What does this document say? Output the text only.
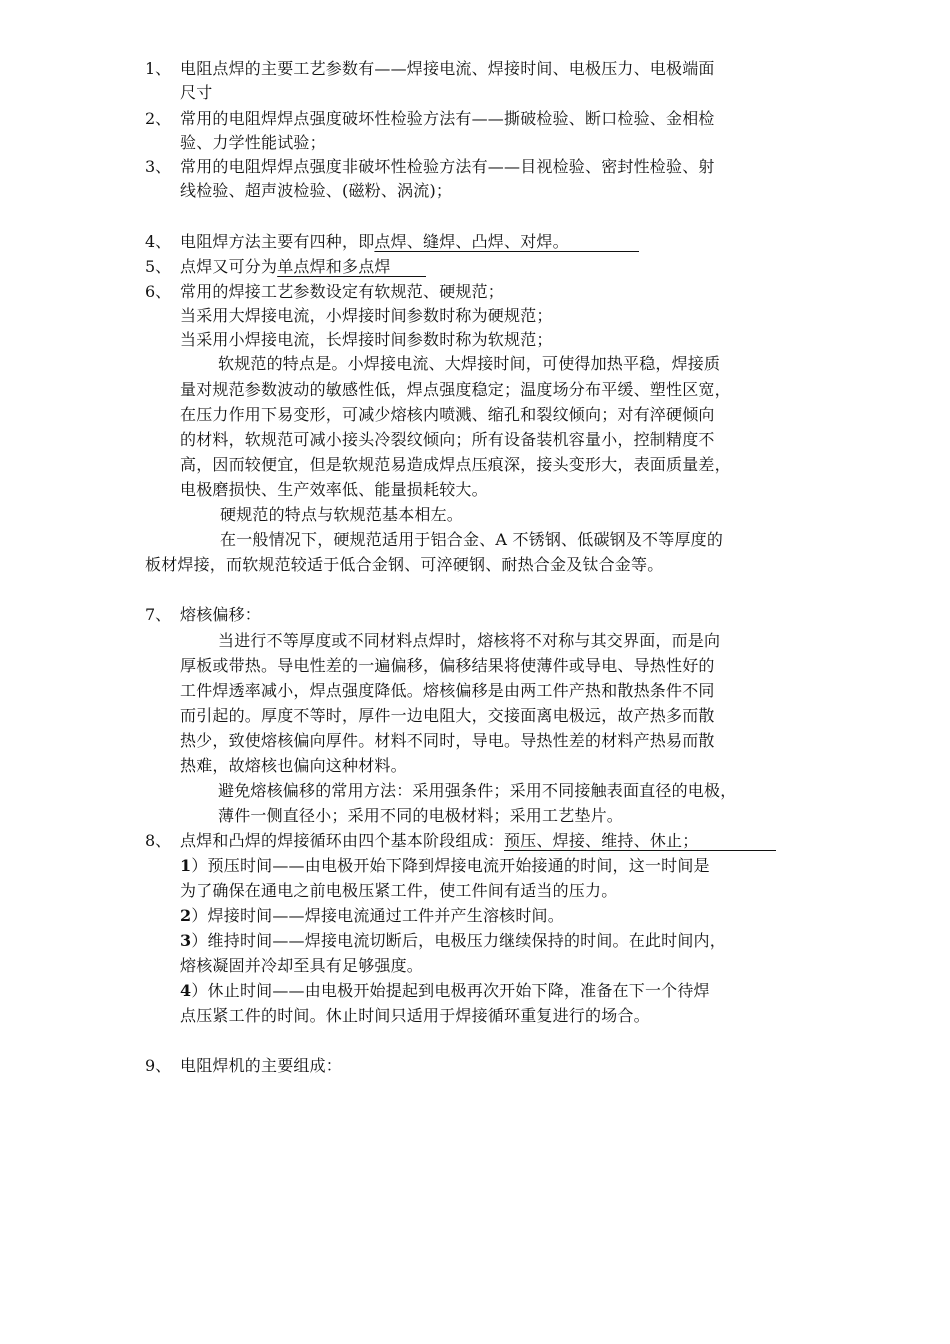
1、 电阻点焊的主要工艺参数有——焊接电流、焊接时间、电极压力、电极端面
尺寸
2、 常用的电阻焊焊点强度破坏性检验方法有——撕破检验、断口检验、金相检
验、力学性能试验；
3、 常用的电阻焊焊点强度非破坏性检验方法有——目视检验、密封性检验、射
线检验、超声波检验、(磁粉、涡流)；
4、 电阻焊方法主要有四种，即点焊、缝焊、凸焊、对焊。
5、 点焊又可分为单点焊和多点焊
6、 常用的焊接工艺参数设定有软规范、硬规范；
当采用大焊接电流，小焊接时间参数时称为硬规范；
当采用小焊接电流，长焊接时间参数时称为软规范；
软规范的特点是。小焊接电流、大焊接时间，可使得加热平稳，焊接质
量对规范参数波动的敏感性低，焊点强度稳定；温度场分布平缓、塑性区宽，
在压力作用下易变形，可减少熔核内喷溅、缩孔和裂纹倾向；对有淬硬倾向
的材料，软规范可减小接头冷裂纹倾向；所有设备装机容量小，控制精度不
高，因而较便宜，但是软规范易造成焊点压痕深，接头变形大，表面质量差，
电极磨损快、生产效率低、能量损耗较大。
硬规范的特点与软规范基本相左。
在一般情况下，硬规范适用于铝合金、A 不锈钢、低碳钢及不等厚度的
板材焊接，而软规范较适于低合金钢、可淬硬钢、耐热合金及钛合金等。
7、 熔核偏移：
当进行不等厚度或不同材料点焊时，熔核将不对称与其交界面，而是向
厚板或带热。导电性差的一遍偏移，偏移结果将使薄件或导电、导热性好的
工件焊透率减小，焊点强度降低。熔核偏移是由两工件产热和散热条件不同
而引起的。厚度不等时，厚件一边电阻大，交接面离电极远，故产热多而散
热少，致使熔核偏向厚件。材料不同时，导电。导热性差的材料产热易而散
热难，故熔核也偏向这种材料。
避免熔核偏移的常用方法：采用强条件；采用不同接触表面直径的电极，
薄件一侧直径小；采用不同的电极材料；采用工艺垫片。
8、 点焊和凸焊的焊接循环由四个基本阶段组成：预压、焊接、维持、休止；
1）预压时间——由电极开始下降到焊接电流开始接通的时间，这一时间是
为了确保在通电之前电极压紧工件，使工件间有适当的压力。
2）焊接时间——焊接电流通过工件并产生溶核时间。
3）维持时间——焊接电流切断后，电极压力继续保持的时间。在此时间内，
熔核凝固并冷却至具有足够强度。
4）休止时间——由电极开始提起到电极再次开始下降，准备在下一个待焊
点压紧工件的时间。休止时间只适用于焊接循环重复进行的场合。
9、 电阻焊机的主要组成：
